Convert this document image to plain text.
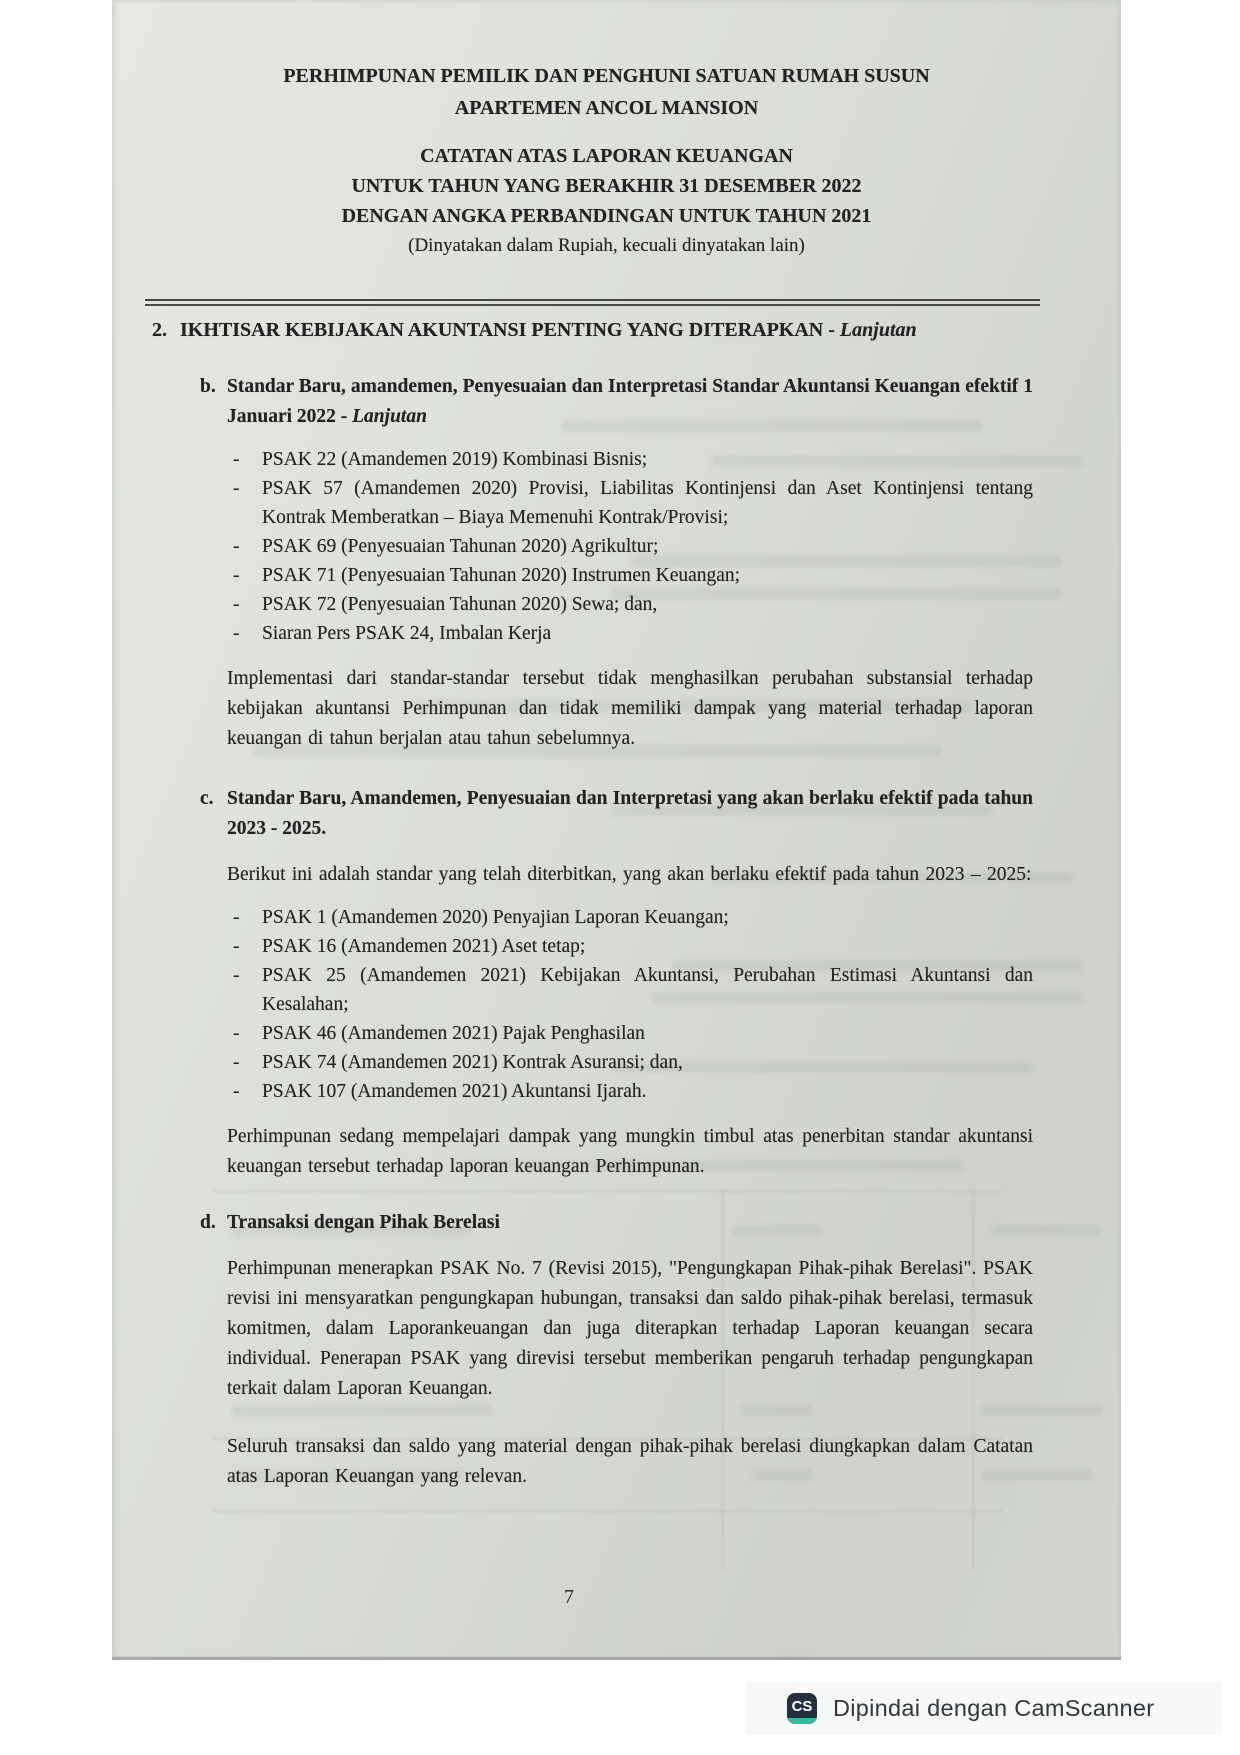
PERHIMPUNAN PEMILIK DAN PENGHUNI SATUAN RUMAH SUSUN
APARTEMEN ANCOL MANSION
CATATAN ATAS LAPORAN KEUANGAN
UNTUK TAHUN YANG BERAKHIR 31 DESEMBER 2022
DENGAN ANGKA PERBANDINGAN UNTUK TAHUN 2021
(Dinyatakan dalam Rupiah, kecuali dinyatakan lain)
2. IKHTISAR KEBIJAKAN AKUNTANSI PENTING YANG DITERAPKAN - Lanjutan
b. Standar Baru, amandemen, Penyesuaian dan Interpretasi Standar Akuntansi Keuangan efektif 1 Januari 2022 - Lanjutan
-	PSAK 22 (Amandemen 2019) Kombinasi Bisnis;
-	PSAK 57 (Amandemen 2020) Provisi, Liabilitas Kontinjensi dan Aset Kontinjensi tentang Kontrak Memberatkan – Biaya Memenuhi Kontrak/Provisi;
-	PSAK 69 (Penyesuaian Tahunan 2020) Agrikultur;
-	PSAK 71 (Penyesuaian Tahunan 2020) Instrumen Keuangan;
-	PSAK 72 (Penyesuaian Tahunan 2020) Sewa; dan,
-	Siaran Pers PSAK 24, Imbalan Kerja
Implementasi dari standar-standar tersebut tidak menghasilkan perubahan substansial terhadap kebijakan akuntansi Perhimpunan dan tidak memiliki dampak yang material terhadap laporan keuangan di tahun berjalan atau tahun sebelumnya.
c. Standar Baru, Amandemen, Penyesuaian dan Interpretasi yang akan berlaku efektif pada tahun 2023 - 2025.
Berikut ini adalah standar yang telah diterbitkan, yang akan berlaku efektif pada tahun 2023 – 2025:
-	PSAK 1 (Amandemen 2020) Penyajian Laporan Keuangan;
-	PSAK 16 (Amandemen 2021) Aset tetap;
-	PSAK 25 (Amandemen 2021) Kebijakan Akuntansi, Perubahan Estimasi Akuntansi dan Kesalahan;
-	PSAK 46 (Amandemen 2021) Pajak Penghasilan
-	PSAK 74 (Amandemen 2021) Kontrak Asuransi; dan,
-	PSAK 107 (Amandemen 2021) Akuntansi Ijarah.
Perhimpunan sedang mempelajari dampak yang mungkin timbul atas penerbitan standar akuntansi keuangan tersebut terhadap laporan keuangan Perhimpunan.
d. Transaksi dengan Pihak Berelasi
Perhimpunan menerapkan PSAK No. 7 (Revisi 2015), "Pengungkapan Pihak-pihak Berelasi". PSAK revisi ini mensyaratkan pengungkapan hubungan, transaksi dan saldo pihak-pihak berelasi, termasuk komitmen, dalam Laporankeuangan dan juga diterapkan terhadap Laporan keuangan secara individual. Penerapan PSAK yang direvisi tersebut memberikan pengaruh terhadap pengungkapan terkait dalam Laporan Keuangan.
Seluruh transaksi dan saldo yang material dengan pihak-pihak berelasi diungkapkan dalam Catatan atas Laporan Keuangan yang relevan.
7
CS Dipindai dengan CamScanner
